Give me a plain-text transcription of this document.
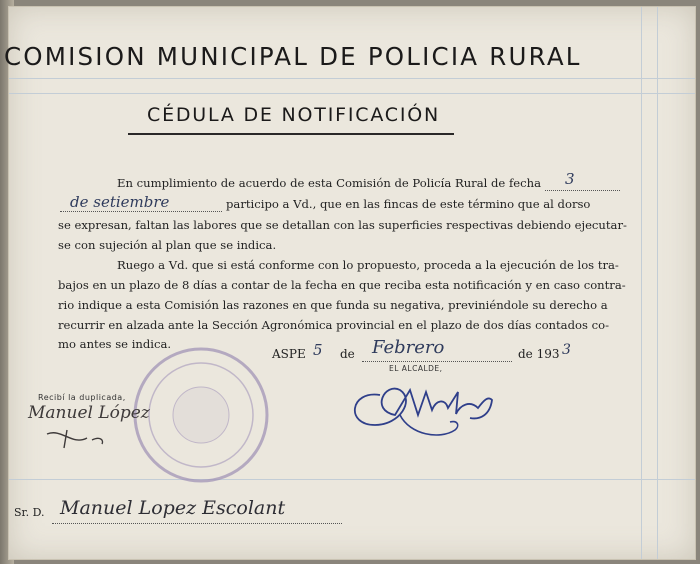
COMISION MUNICIPAL DE POLICIA RURAL
CÉDULA DE NOTIFICACIÓN
En cumplimiento de acuerdo de esta Comisión de Policía Rural de fecha 3
de setiembre	participo a Vd., que en las fincas de este término que al dorso
se expresan, faltan las labores que se detallan con las superficies respectivas debiendo ejecutar-
se con sujeción al plan que se indica.
Ruego a Vd. que si está conforme con lo propuesto, proceda a la ejecución de los tra-
bajos en un plazo de 8 días a contar de la fecha en que reciba esta notificación y en caso contra-
rio indique a esta Comisión las razones en que funda su negativa, previniéndole su derecho a
recurrir en alzada ante la Sección Agronómica provincial en el plazo de dos días contados co-
mo antes se indica.
ASPE 5 de Febrero	de 193 3
EL ALCALDE,
Recibí la duplicada,
Manuel López
Sr. D. Manuel Lopez Escolant
